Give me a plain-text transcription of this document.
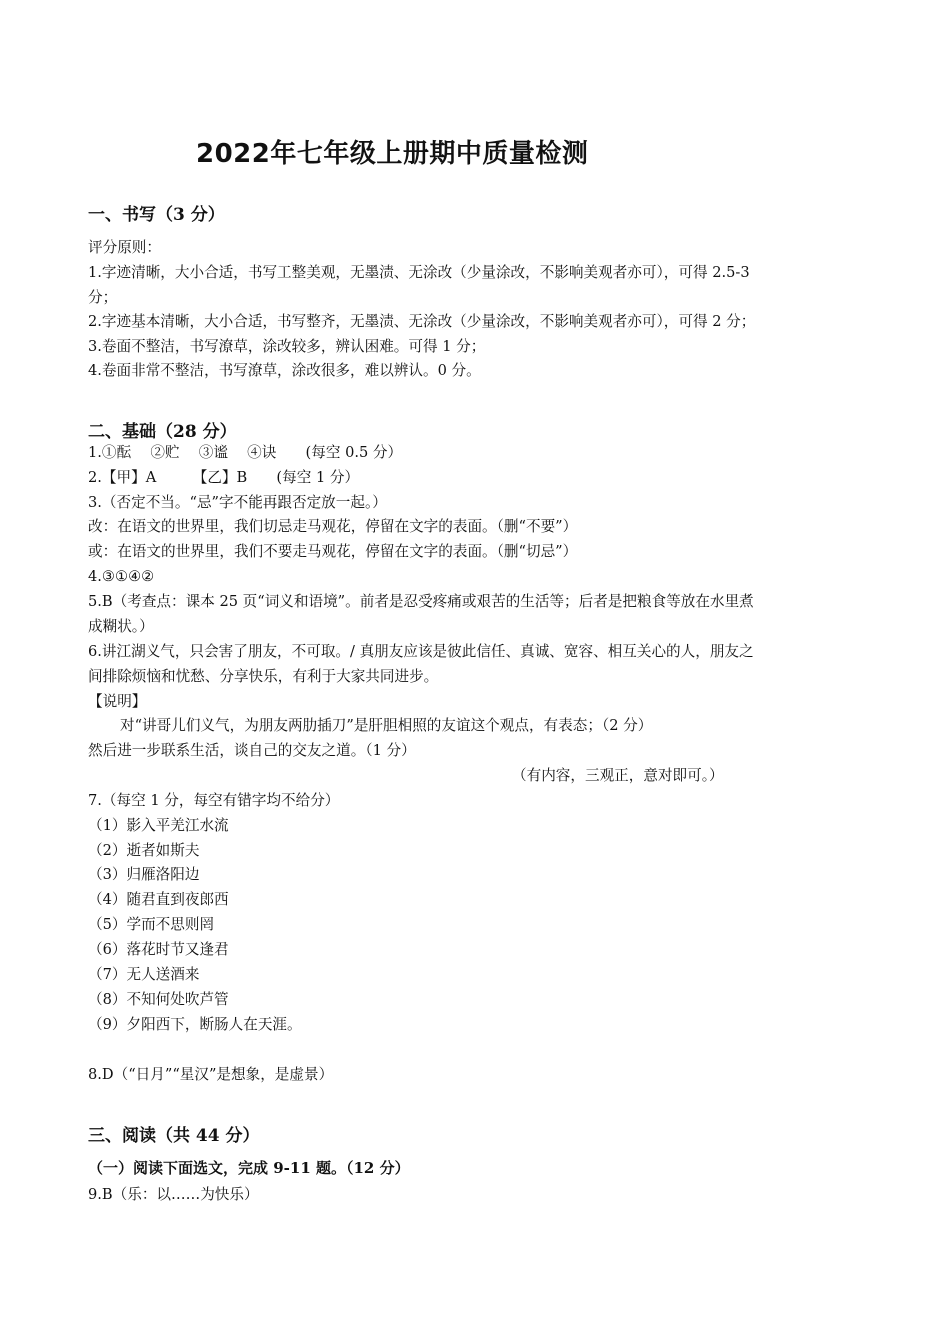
2022年七年级上册期中质量检测
一、书写（3 分）
评分原则：
1.字迹清晰，大小合适，书写工整美观，无墨渍、无涂改（少量涂改，不影响美观者亦可），可得 2.5-3
分；
2.字迹基本清晰，大小合适，书写整齐，无墨渍、无涂改（少量涂改，不影响美观者亦可），可得 2 分；
3.卷面不整洁，书写潦草，涂改较多，辨认困难。可得 1 分；
4.卷面非常不整洁，书写潦草，涂改很多，难以辨认。0 分。
二、基础（28 分）
1.①酝　 ②贮　 ③谧　 ④诀　　(每空 0.5 分）
2.【甲】A　　　【乙】B　　(每空 1 分）
3.（否定不当。“忌”字不能再跟否定放一起。）
改：在语文的世界里，我们切忌走马观花，停留在文字的表面。（删“不要”）
或：在语文的世界里，我们不要走马观花，停留在文字的表面。（删“切忌”）
4.③①④②
5.B（考查点：课本 25 页“词义和语境”。前者是忍受疼痛或艰苦的生活等；后者是把粮食等放在水里煮
成糊状。）
6.讲江湖义气，只会害了朋友，不可取。/ 真朋友应该是彼此信任、真诚、宽容、相互关心的人，朋友之
间排除烦恼和忧愁、分享快乐，有利于大家共同进步。
【说明】
对“讲哥儿们义气，为朋友两肋插刀”是肝胆相照的友谊这个观点，有表态；（2 分）
然后进一步联系生活，谈自己的交友之道。（1 分）
（有内容，三观正，意对即可。）
7.（每空 1 分，每空有错字均不给分）
（1）影入平羌江水流
（2）逝者如斯夫
（3）归雁洛阳边
（4）随君直到夜郎西
（5）学而不思则罔
（6）落花时节又逢君
（7）无人送酒来
（8）不知何处吹芦管
（9）夕阳西下，断肠人在天涯。
8.D（“日月”“星汉”是想象，是虚景）
三、阅读（共 44 分）
（一）阅读下面选文，完成 9-11 题。（12 分）
9.B（乐：以……为快乐）
